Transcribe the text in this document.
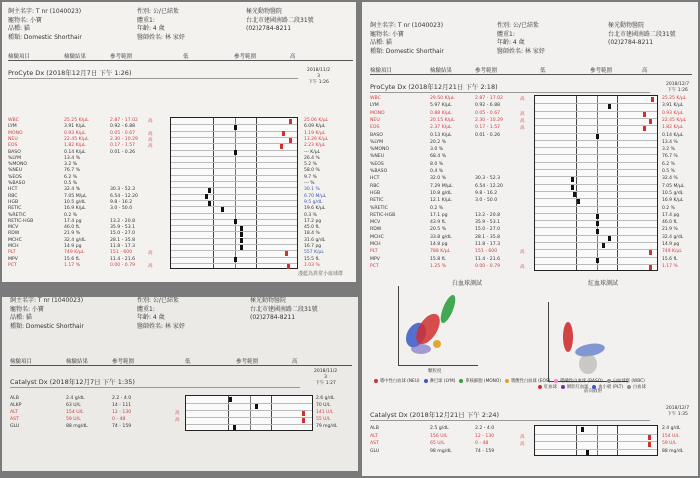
飼主名字: T nr (1040023)
寵物名: 小寶
品種: 貓
種類: Domestic Shorthair
性別: 公/已結紮
體重1:
年齡: 4 歲
醫師姓名: 林 家妤
極光動物醫院
台北市建國南路二段31號
(02)2784-8211
檢驗項目	檢驗結果	參考範圍	低	參考範圍	高
ProCyte Dx (2018年12月7日 下午 1:26)	2018/11/2
3
下午 1:26
WBC	25.25 K/μL	2.87 - 17.02 高	25.06 K/μL
LYM	3.91 K/μL	0.92 - 6.88	6.09 K/μL
MONO	0.93 K/μL	0.05 - 0.67	高	1.19 K/μL
NEU	22.45 K/μL	2.30 - 10.29 高	13.26 K/μL
EOS	1.82 K/μL	0.17 - 1.57	高	2.23 K/μL
BASO	0.14 K/μL	0.01 - 0.26	--- K/μL
%LYM	13.4 %	26.4 %
%MONO	3.2 %	5.2 %
%NEU	76.7 %	58.0 %
%EOS	6.2 %	9.7 %
%BASO	0.5 %	--- %
HCT	32.4 %	30.3 - 52.3	30.1 %
RBC	7.05 M/μL	6.54 - 12.20	6.70 M/μL
HGB	10.5 g/dL	9.8 - 16.2	9.5 g/dL
RETIC	16.9 K/μL	3.0 - 50.0	19.6 K/μL
%RETIC	0.2 %	0.3 %
RETIC-HGB	17.4 pg	13.2 - 20.8	17.2 pg
MCV	46.0 fL	35.9 - 53.1	45.0 fL
RDW	21.9 %	15.0 - 27.0	18.4 %
MCHC	32.4 g/dL	28.1 - 35.8	31.6 g/dL
MCH	14.9 pg	11.8 - 17.3	16.7 pg
PLT	749 K/μL	151 - 600	高	557 K/μL
MPV	15.6 fL	11.4 - 21.6	15.5 fL
PCT	1.17 %	0.00 - 0.79	高	1.03 %
淺藍為異常小血球群
飼主名字: T nr (1040023)
寵物名: 小寶
品種: 貓
種類: Domestic Shorthair
性別: 公/已結紮
體重1:
年齡: 4 歲
醫師姓名: 林 家妤
極光動物醫院
台北市建國南路二段31號
(02)2784-8211
檢驗項目	檢驗結果	參考範圍	低	參考範圍	高
Catalyst Dx (2018年12月7日 下午 1:35)
2018/11/2
3
下午 1:27
ALB	2.4 g/dL	2.2 - 4.0	2.6 g/dL
ALKP	63 U/L	14 - 111	70 U/L
ALT	154 U/L	12 - 130	高	141 U/L
AST	59 U/L	0 - 48	高	55 U/L
GLU	88 mg/dL	74 - 159	79 mg/dL
飼主名字: T nr (1040023)
寵物名: 小寶
品種: 貓
種類: Domestic Shorthair
性別: 公/已結紮
體重1:
年齡: 4 歲
醫師姓名: 林 家妤
極光動物醫院
台北市建國南路二段31號
(02)2784-8211
檢驗項目	檢驗結果	參考範圍	低	參考範圍	高
ProCyte Dx (2018年12月21日 下午 2:18)	2018/12/7
下午 1:26
WBC	29.50 K/μL	2.87 - 17.02	高	25.25 K/μL
LYM	5.97 K/μL	0.92 - 6.88	3.91 K/μL
MONO	0.88 K/μL	0.05 - 0.67	高	0.93 K/μL
NEU	20.15 K/μL	2.30 - 10.29	高	22.45 K/μL
EOS	2.37 K/μL	0.17 - 1.57	高	1.82 K/μL
BASO	0.13 K/μL	0.01 - 0.26	0.14 K/μL
%LYM	20.2 %	13.4 %
%MONO	3.0 %	3.2 %
%NEU	68.4 %	76.7 %
%EOS	8.0 %	6.2 %
%BASO	0.4 %	0.5 %
HCT	32.0 %	30.3 - 52.3	32.4 %
RBC	7.29 M/μL	6.54 - 12.20	7.05 M/μL
HGB	10.8 g/dL	9.8 - 16.2	10.5 g/dL
RETIC	12.1 K/μL	3.0 - 50.0	16.9 K/μL
%RETIC	0.2 %	0.2 %
RETIC-HGB	17.1 pg	13.2 - 20.8	17.4 pg
MCV	43.9 fL	35.9 - 53.1	46.0 fL
RDW	20.5 %	15.0 - 27.0	21.9 %
MCHC	33.8 g/dL	28.1 - 35.8	32.4 g/dL
MCH	14.8 pg	11.8 - 17.3	14.9 pg
PLT	788 K/μL	151 - 600	高	749 K/μL
MPV	15.8 fL	11.4 - 21.6	15.6 fL
PCT	1.25 %	0.00 - 0.79	高	1.17 %
白血球測試	紅血球測試
顆粒度
前向散射
嗜中性白血球 (NEU) 淋巴球 (LYM) 單核細胞 (MONO) 嗜酸性白血球 (EOS) 嗜鹼性白血球 (BASO) 白血球群 (WBC)
紅血球 網狀紅血球 血小板 (PLT) 白血球
Catalyst Dx (2018年12月21日 下午 2:24)
2018/12/7
下午 1:35
ALB	2.5 g/dL	2.2 - 4.0	2.4 g/dL
ALT	156 U/L	12 - 130	高	154 U/L
AST	65 U/L	0 - 48	高	59 U/L
GLU	98 mg/dL	74 - 159	88 mg/dL
